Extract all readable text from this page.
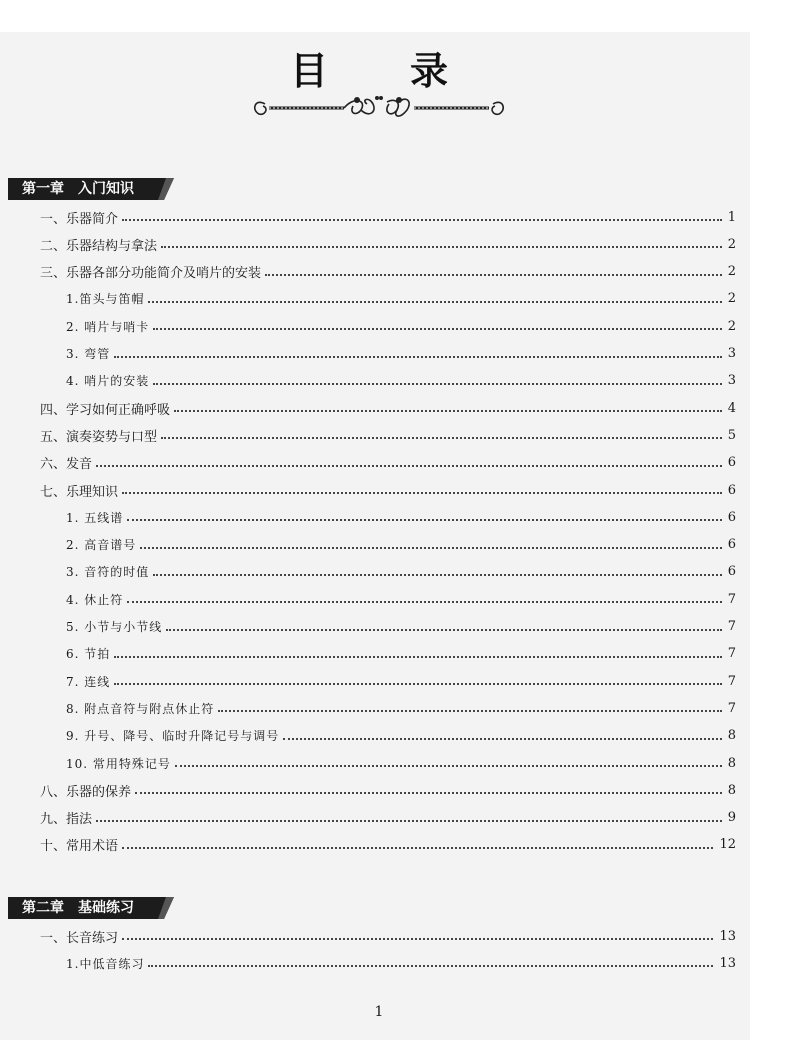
目　录
第一章　入门知识
一、乐器简介	1
二、乐器结构与拿法	2
三、乐器各部分功能简介及哨片的安装	2
1.笛头与笛帽	2
2. 哨片与哨卡	2
3. 弯管	3
4. 哨片的安装	3
四、学习如何正确呼吸	4
五、演奏姿势与口型	5
六、发音	6
七、乐理知识	6
1. 五线谱	6
2. 高音谱号	6
3. 音符的时值	6
4. 休止符	7
5. 小节与小节线	7
6. 节拍	7
7. 连线	7
8. 附点音符与附点休止符	7
9. 升号、降号、临时升降记号与调号	8
10. 常用特殊记号	8
八、乐器的保养	8
九、指法	9
十、常用术语	12
第二章　基础练习
一、长音练习	13
1.中低音练习	13
1
